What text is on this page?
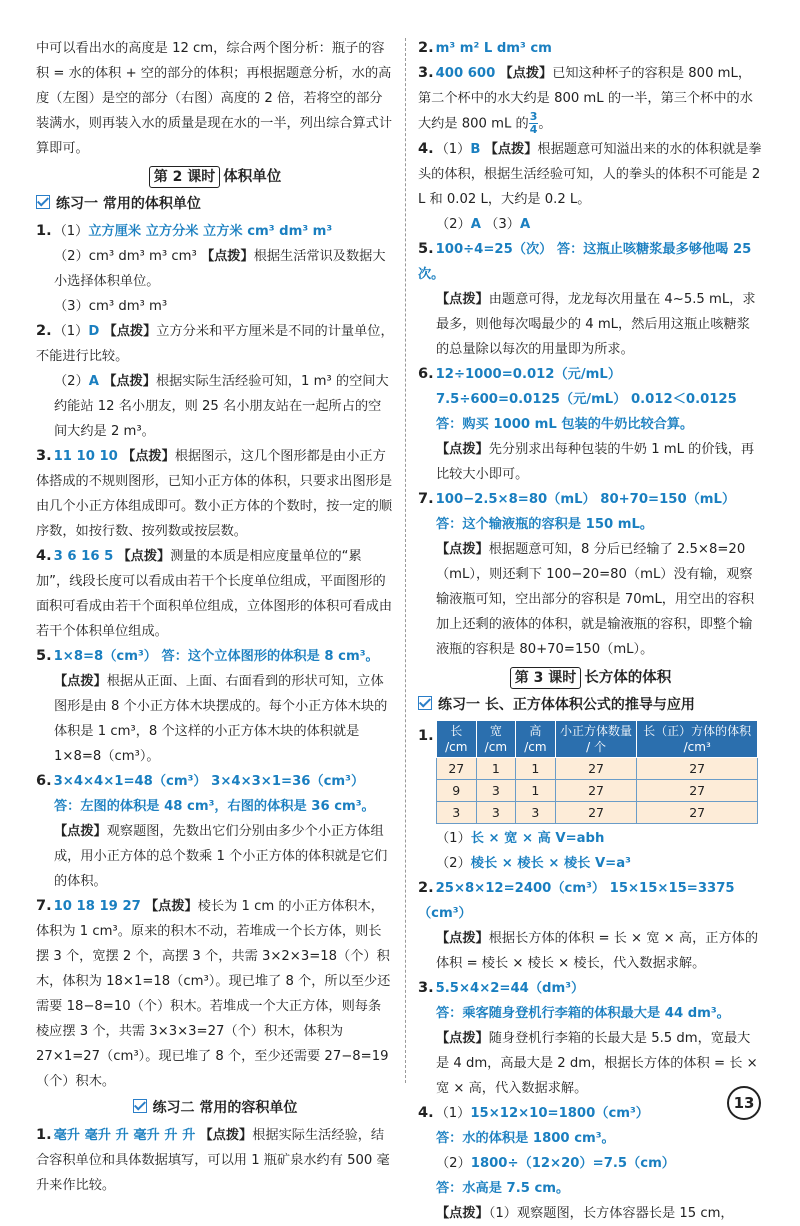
中可以看出水的高度是 12 cm，综合两个图分析：瓶子的容积 = 水的体积 + 空的部分的体积；再根据题意分析，水的高度（左图）是空的部分（右图）高度的 2 倍，若将空的部分装满水，则再装入水的质量是现在水的一半，列出综合算式计算即可。

第 2 课时 体积单位
练习一 常用的体积单位

1. （1）立方厘米 立方分米 立方米 cm³ dm³ m³

（2）cm³ dm³ m³ cm³ 【点拨】根据生活常识及数据大小选择体积单位。

（3）cm³ dm³ m³

2. （1）D 【点拨】立方分米和平方厘米是不同的计量单位，不能进行比较。

（2）A 【点拨】根据实际生活经验可知，1 m³ 的空间大约能站 12 名小朋友，则 25 名小朋友站在一起所占的空间大约是 2 m³。

3. 11 10 10 【点拨】根据图示，这几个图形都是由小正方体搭成的不规则图形，已知小正方体的体积，只要求出图形是由几个小正方体组成即可。数小正方体的个数时，按一定的顺序数，如按行数、按列数或按层数。

4. 3 6 16 5 【点拨】测量的本质是相应度量单位的“累加”，线段长度可以看成由若干个长度单位组成，平面图形的面积可看成由若干个面积单位组成，立体图形的体积可看成由若干个体积单位组成。

5. 1×8=8（cm³） 答：这个立体图形的体积是 8 cm³。

【点拨】根据从正面、上面、右面看到的形状可知，立体图形是由 8 个小正方体木块摆成的。每个小正方体木块的体积是 1 cm³，8 个这样的小正方体木块的体积就是 1×8=8（cm³）。

6. 3×4×4×1=48（cm³） 3×4×3×1=36（cm³）

答：左图的体积是 48 cm³，右图的体积是 36 cm³。

【点拨】观察题图，先数出它们分别由多少个小正方体组成，用小正方体的总个数乘 1 个小正方体的体积就是它们的体积。

7. 10 18 19 27 【点拨】棱长为 1 cm 的小正方体积木，体积为 1 cm³。原来的积木不动，若堆成一个长方体，则长摆 3 个，宽摆 2 个，高摆 3 个，共需 3×2×3=18（个）积木，体积为 18×1=18（cm³）。现已堆了 8 个，所以至少还需要 18−8=10（个）积木。若堆成一个大正方体，则每条棱应摆 3 个，共需 3×3×3=27（个）积木，体积为 27×1=27（cm³）。现已堆了 8 个，至少还需要 27−8=19（个）积木。

练习二 常用的容积单位

1. 毫升 毫升 升 毫升 升 升 【点拨】根据实际生活经验，结合容积单位和具体数据填写，可以用 1 瓶矿泉水约有 500 毫升来作比较。

2. m³ m² L dm³ cm

3. 400 600 【点拨】已知这种杯子的容积是 800 mL，第二个杯中的水大约是 800 mL 的一半，第三个杯中的水大约是 800 mL 的 $\frac{3}{4}$ 。

4. （1）B 【点拨】根据题意可知溢出来的水的体积就是拳头的体积，根据生活经验可知，人的拳头的体积不可能是 2 L 和 0.02 L，大约是 0.2 L。

（2）A （3）A

5. 100÷4=25（次） 答：这瓶止咳糖浆最多够他喝 25 次。

【点拨】由题意可得，龙龙每次用量在 4~5.5 mL，求最多，则他每次喝最少的 4 mL，然后用这瓶止咳糖浆的总量除以每次的用量即为所求。

6. 12÷1000=0.012（元/mL）

7.5÷600=0.0125（元/mL） 0.012＜0.0125

答：购买 1000 mL 包装的牛奶比较合算。

【点拨】先分别求出每种包装的牛奶 1 mL 的价钱，再比较大小即可。

7. 100−2.5×8=80（mL） 80+70=150（mL）

答：这个输液瓶的容积是 150 mL。

【点拨】根据题意可知，8 分后已经输了 2.5×8=20（mL），则还剩下 100−20=80（mL）没有输，观察输液瓶可知，空出部分的容积是 70mL，用空出的容积加上还剩的液体的体积，就是输液瓶的容积，即整个输液瓶的容积是 80+70=150（mL）。

第 3 课时 长方体的体积
练习一 长、正方体体积公式的推导与应用
1. 长 /cm	宽 /cm	高 /cm	小正方体数量 / 个	长（正）方体的体积 /cm³
27	1	1	27	27
9	3	1	27	27
3	3	3	27	27

（1）长 × 宽 × 高 V=abh

（2）棱长 × 棱长 × 棱长 V=a³

2. 25×8×12=2400（cm³） 15×15×15=3375（cm³）

【点拨】根据长方体的体积 = 长 × 宽 × 高，正方体的体积 = 棱长 × 棱长 × 棱长，代入数据求解。

3. 5.5×4×2=44（dm³）

答：乘客随身登机行李箱的体积最大是 44 dm³。

【点拨】随身登机行李箱的长最大是 5.5 dm，宽最大是 4 dm，高最大是 2 dm，根据长方体的体积 = 长 × 宽 × 高，代入数据求解。

4. （1）15×12×10=1800（cm³）

答：水的体积是 1800 cm³。

（2）1800÷（12×20）=7.5（cm）

答：水高是 7.5 cm。

【点拨】（1）观察题图，长方体容器长是 15 cm，

13
